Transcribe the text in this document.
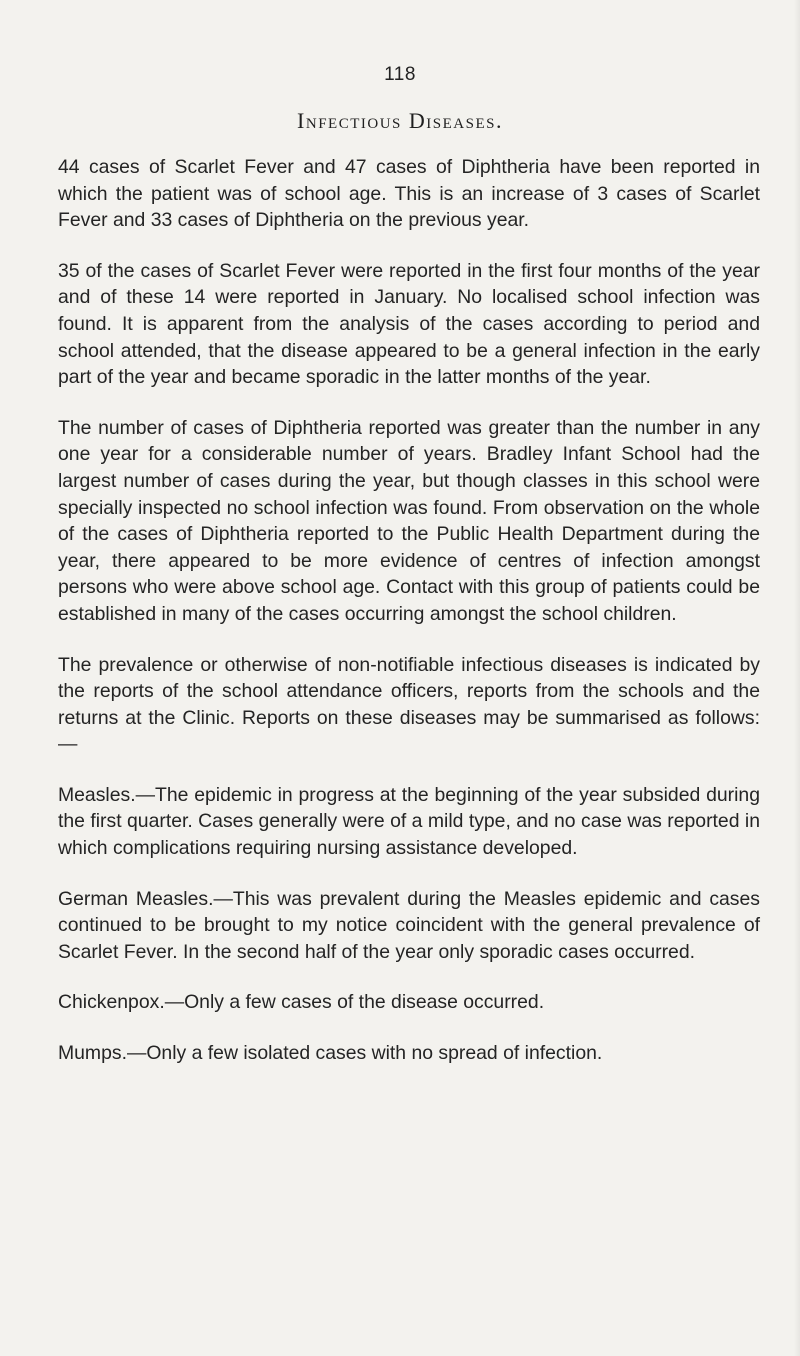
118
Infectious Diseases.

44 cases of Scarlet Fever and 47 cases of Diphtheria have been reported in which the patient was of school age. This is an increase of 3 cases of Scarlet Fever and 33 cases of Diphtheria on the previous year.

35 of the cases of Scarlet Fever were reported in the first four months of the year and of these 14 were reported in January. No localised school infection was found. It is apparent from the analysis of the cases according to period and school attended, that the disease appeared to be a general infection in the early part of the year and became sporadic in the latter months of the year.

The number of cases of Diphtheria reported was greater than the number in any one year for a considerable number of years. Bradley Infant School had the largest number of cases during the year, but though classes in this school were specially inspected no school infection was found. From observation on the whole of the cases of Diphtheria reported to the Public Health Department during the year, there appeared to be more evidence of centres of infection amongst persons who were above school age. Contact with this group of patients could be established in many of the cases occurring amongst the school children.

The prevalence or otherwise of non-notifiable infectious diseases is indicated by the reports of the school attendance officers, reports from the schools and the returns at the Clinic. Reports on these diseases may be summarised as follows: —

Measles.—The epidemic in progress at the beginning of the year subsided during the first quarter. Cases generally were of a mild type, and no case was reported in which complications requiring nursing assistance developed.

German Measles.—This was prevalent during the Measles epidemic and cases continued to be brought to my notice coincident with the general prevalence of Scarlet Fever. In the second half of the year only sporadic cases occurred.

Chickenpox.—Only a few cases of the disease occurred.

Mumps.—Only a few isolated cases with no spread of infection.
